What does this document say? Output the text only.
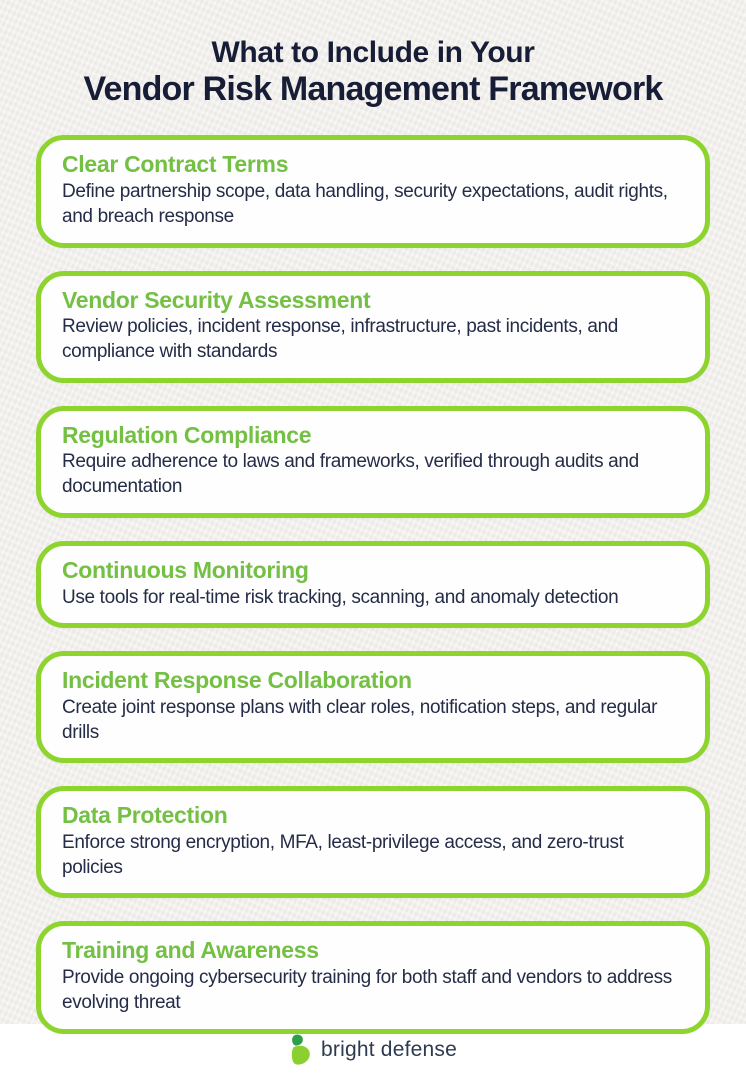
What to Include in Your
Vendor Risk Management Framework
Clear Contract Terms
Define partnership scope, data handling, security expectations, audit rights, and breach response
Vendor Security Assessment
Review policies, incident response, infrastructure, past incidents, and compliance with standards
Regulation Compliance
Require adherence to laws and frameworks, verified through audits and documentation
Continuous Monitoring
Use tools for real-time risk tracking, scanning, and anomaly detection
Incident Response Collaboration
Create joint response plans with clear roles, notification steps, and regular drills
Data Protection
Enforce strong encryption, MFA, least-privilege access, and zero-trust policies
Training and Awareness
Provide ongoing cybersecurity training for both staff and vendors to address evolving threat
bright defense
